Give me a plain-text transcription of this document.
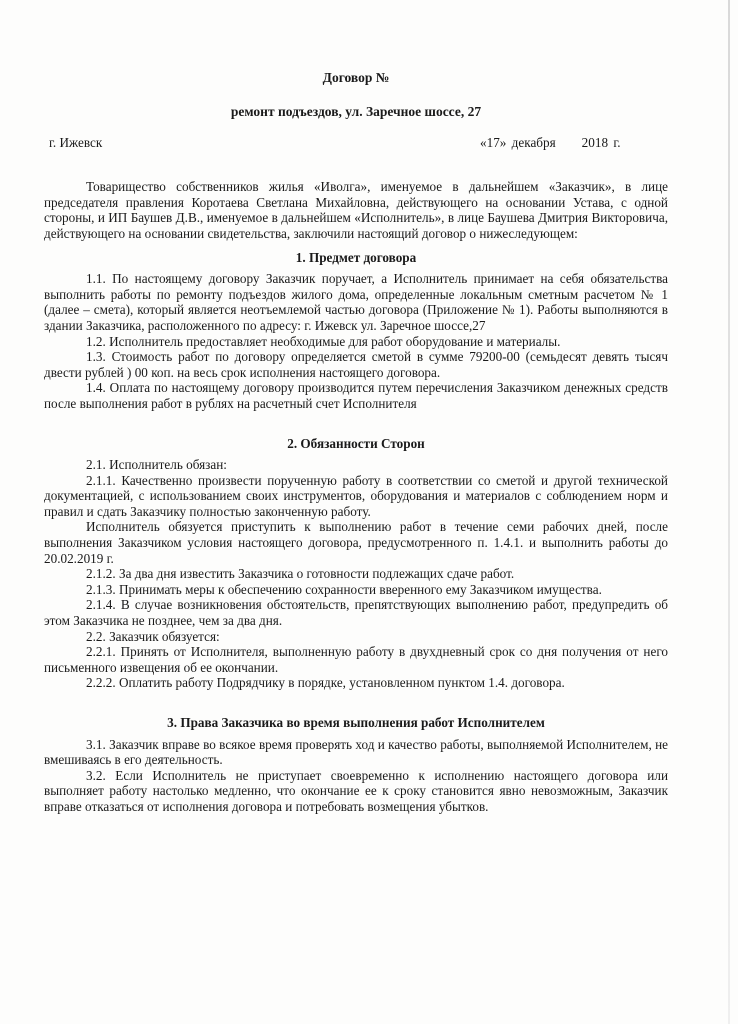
Договор №
ремонт подъездов, ул. Заречное шоссе, 27
г. Ижевск	«17» декабря 2018 г.

Товарищество собственников жилья «Иволга», именуемое в дальнейшем «Заказчик», в лице председателя правления Коротаева Светлана Михайловна, действующего на основании Устава, с одной стороны, и ИП Баушев Д.В., именуемое в дальнейшем «Исполнитель», в лице Баушева Дмитрия Викторовича, действующего на основании свидетельства, заключили настоящий договор о нижеследующем:

1. Предмет договора

1.1. По настоящему договору Заказчик поручает, а Исполнитель принимает на себя обязательства выполнить работы по ремонту подъездов жилого дома, определенные локальным сметным расчетом № 1 (далее – смета), который является неотъемлемой частью договора (Приложение № 1). Работы выполняются в здании Заказчика, расположенного по адресу: г. Ижевск ул. Заречное шоссе,27

1.2. Исполнитель предоставляет необходимые для работ оборудование и материалы.

1.3. Стоимость работ по договору определяется сметой в сумме 79200-00 (семьдесят девять тысяч двести рублей ) 00 коп. на весь срок исполнения настоящего договора.

1.4. Оплата по настоящему договору производится путем перечисления Заказчиком денежных средств после выполнения работ в рублях на расчетный счет Исполнителя

2. Обязанности Сторон

2.1. Исполнитель обязан:

2.1.1. Качественно произвести порученную работу в соответствии со сметой и другой технической документацией, с использованием своих инструментов, оборудования и материалов с соблюдением норм и правил и сдать Заказчику полностью законченную работу.

Исполнитель обязуется приступить к выполнению работ в течение семи рабочих дней, после выполнения Заказчиком условия настоящего договора, предусмотренного п. 1.4.1. и выполнить работы до 20.02.2019 г.

2.1.2. За два дня известить Заказчика о готовности подлежащих сдаче работ.

2.1.3. Принимать меры к обеспечению сохранности вверенного ему Заказчиком имущества.

2.1.4. В случае возникновения обстоятельств, препятствующих выполнению работ, предупредить об этом Заказчика не позднее, чем за два дня.

2.2. Заказчик обязуется:

2.2.1. Принять от Исполнителя, выполненную работу в двухдневный срок со дня получения от него письменного извещения об ее окончании.

2.2.2. Оплатить работу Подрядчику в порядке, установленном пунктом 1.4. договора.

3. Права Заказчика во время выполнения работ Исполнителем

3.1. Заказчик вправе во всякое время проверять ход и качество работы, выполняемой Исполнителем, не вмешиваясь в его деятельность.

3.2. Если Исполнитель не приступает своевременно к исполнению настоящего договора или выполняет работу настолько медленно, что окончание ее к сроку становится явно невозможным, Заказчик вправе отказаться от исполнения договора и потребовать возмещения убытков.
